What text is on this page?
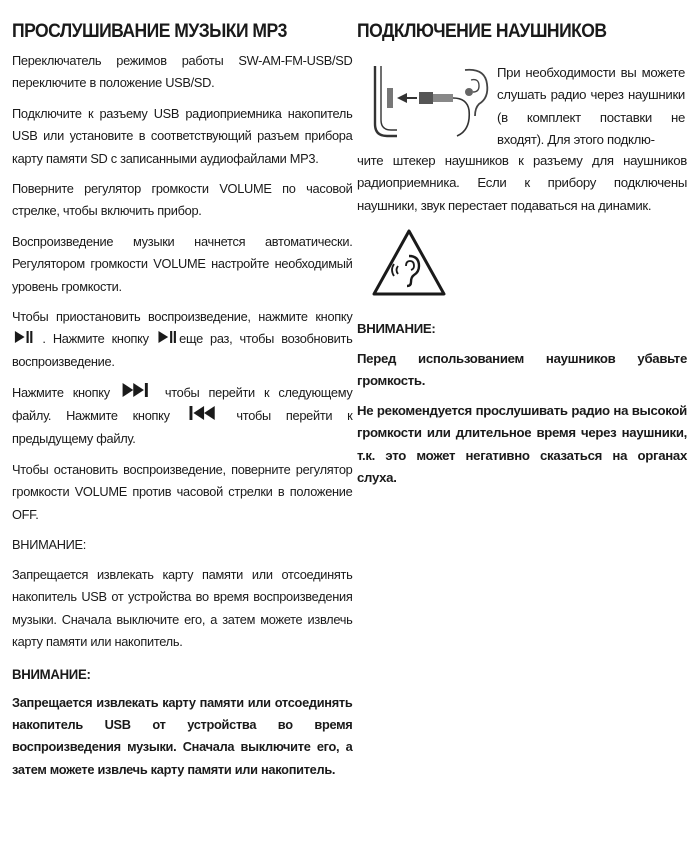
ПРОСЛУШИВАНИЕ МУЗЫКИ MP3

Переключатель режимов работы SW-AM-FM-USB/SD переключите в положение USB/SD.

Подключите к разъему USB радиоприемника накопитель USB или установите в соответствующий разъем прибора карту памяти SD с записанными аудиофайлами MP3.

Поверните регулятор громкости VOLUME по часовой стрелке, чтобы включить прибор.

Воспроизведение музыки начнется автоматически. Регулятором громкости VOLUME настройте необходимый уровень громкости.

Чтобы приостановить воспроизведение, нажмите кнопку  . Нажмите кнопку еще раз, чтобы возобновить воспроизведение.

Нажмите кнопку	чтобы перейти к следующему файлу. Нажмите кнопку	чтобы перейти к предыдущему файлу.

Чтобы остановить воспроизведение, поверните регулятор громкости VOLUME против часовой стрелки в положение OFF.

ВНИМАНИЕ:

Запрещается извлекать карту памяти или отсоединять накопитель USB от устройства во время воспроизведения музыки. Сначала выключите его, а затем можете извлечь карту памяти или накопитель.

ВНИМАНИЕ:

Запрещается извлекать карту памяти или отсоединять накопитель USB от устройства во время воспроизведения музыки. Сначала выключите его, а затем можете извлечь карту памяти или накопитель.

ПОДКЛЮЧЕНИЕ НАУШНИКОВ

При необходимости вы можете слушать радио через наушники (в комплект поставки не входят). Для этого подклю-

чите штекер наушников к разъему для наушников радиоприемника. Если к прибору подключены наушники, звук перестает подаваться на динамик.

ВНИМАНИЕ:

Перед использованием наушников убавьте громкость.

Не рекомендуется прослушивать радио на высокой громкости или длительное время через наушники, т.к. это может негативно сказаться на органах слуха.
